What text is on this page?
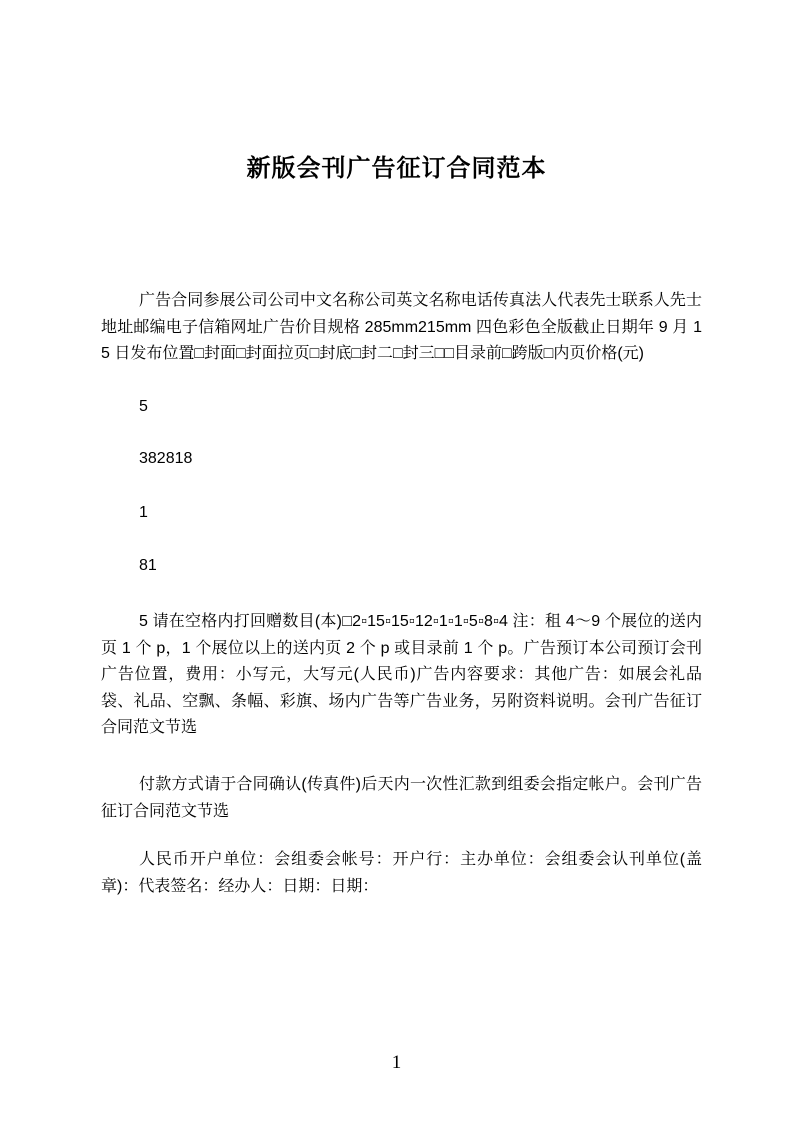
新版会刊广告征订合同范本

广告合同参展公司公司中文名称公司英文名称电话传真法人代表先士联系人先士地址邮编电子信箱网址广告价目规格 285mm215mm 四色彩色全版截止日期年 9 月 15 日发布位置□封面□封面拉页□封底□封二□封三□□目录前□跨版□内页价格(元)

5

382818

1

81

5 请在空格内打回赠数目(本)□2▫15▫15▫12▫1▫1▫5▫8▫4 注：租 4～9 个展位的送内页 1 个 p，1 个展位以上的送内页 2 个 p 或目录前 1 个 p。广告预订本公司预订会刊广告位置，费用：小写元，大写元(人民币)广告内容要求：其他广告：如展会礼品袋、礼品、空飘、条幅、彩旗、场内广告等广告业务，另附资料说明。会刊广告征订合同范文节选

付款方式请于合同确认(传真件)后天内一次性汇款到组委会指定帐户。会刊广告征订合同范文节选

人民币开户单位：会组委会帐号：开户行：主办单位：会组委会认刊单位(盖章)：代表签名：经办人：日期：日期：

1
